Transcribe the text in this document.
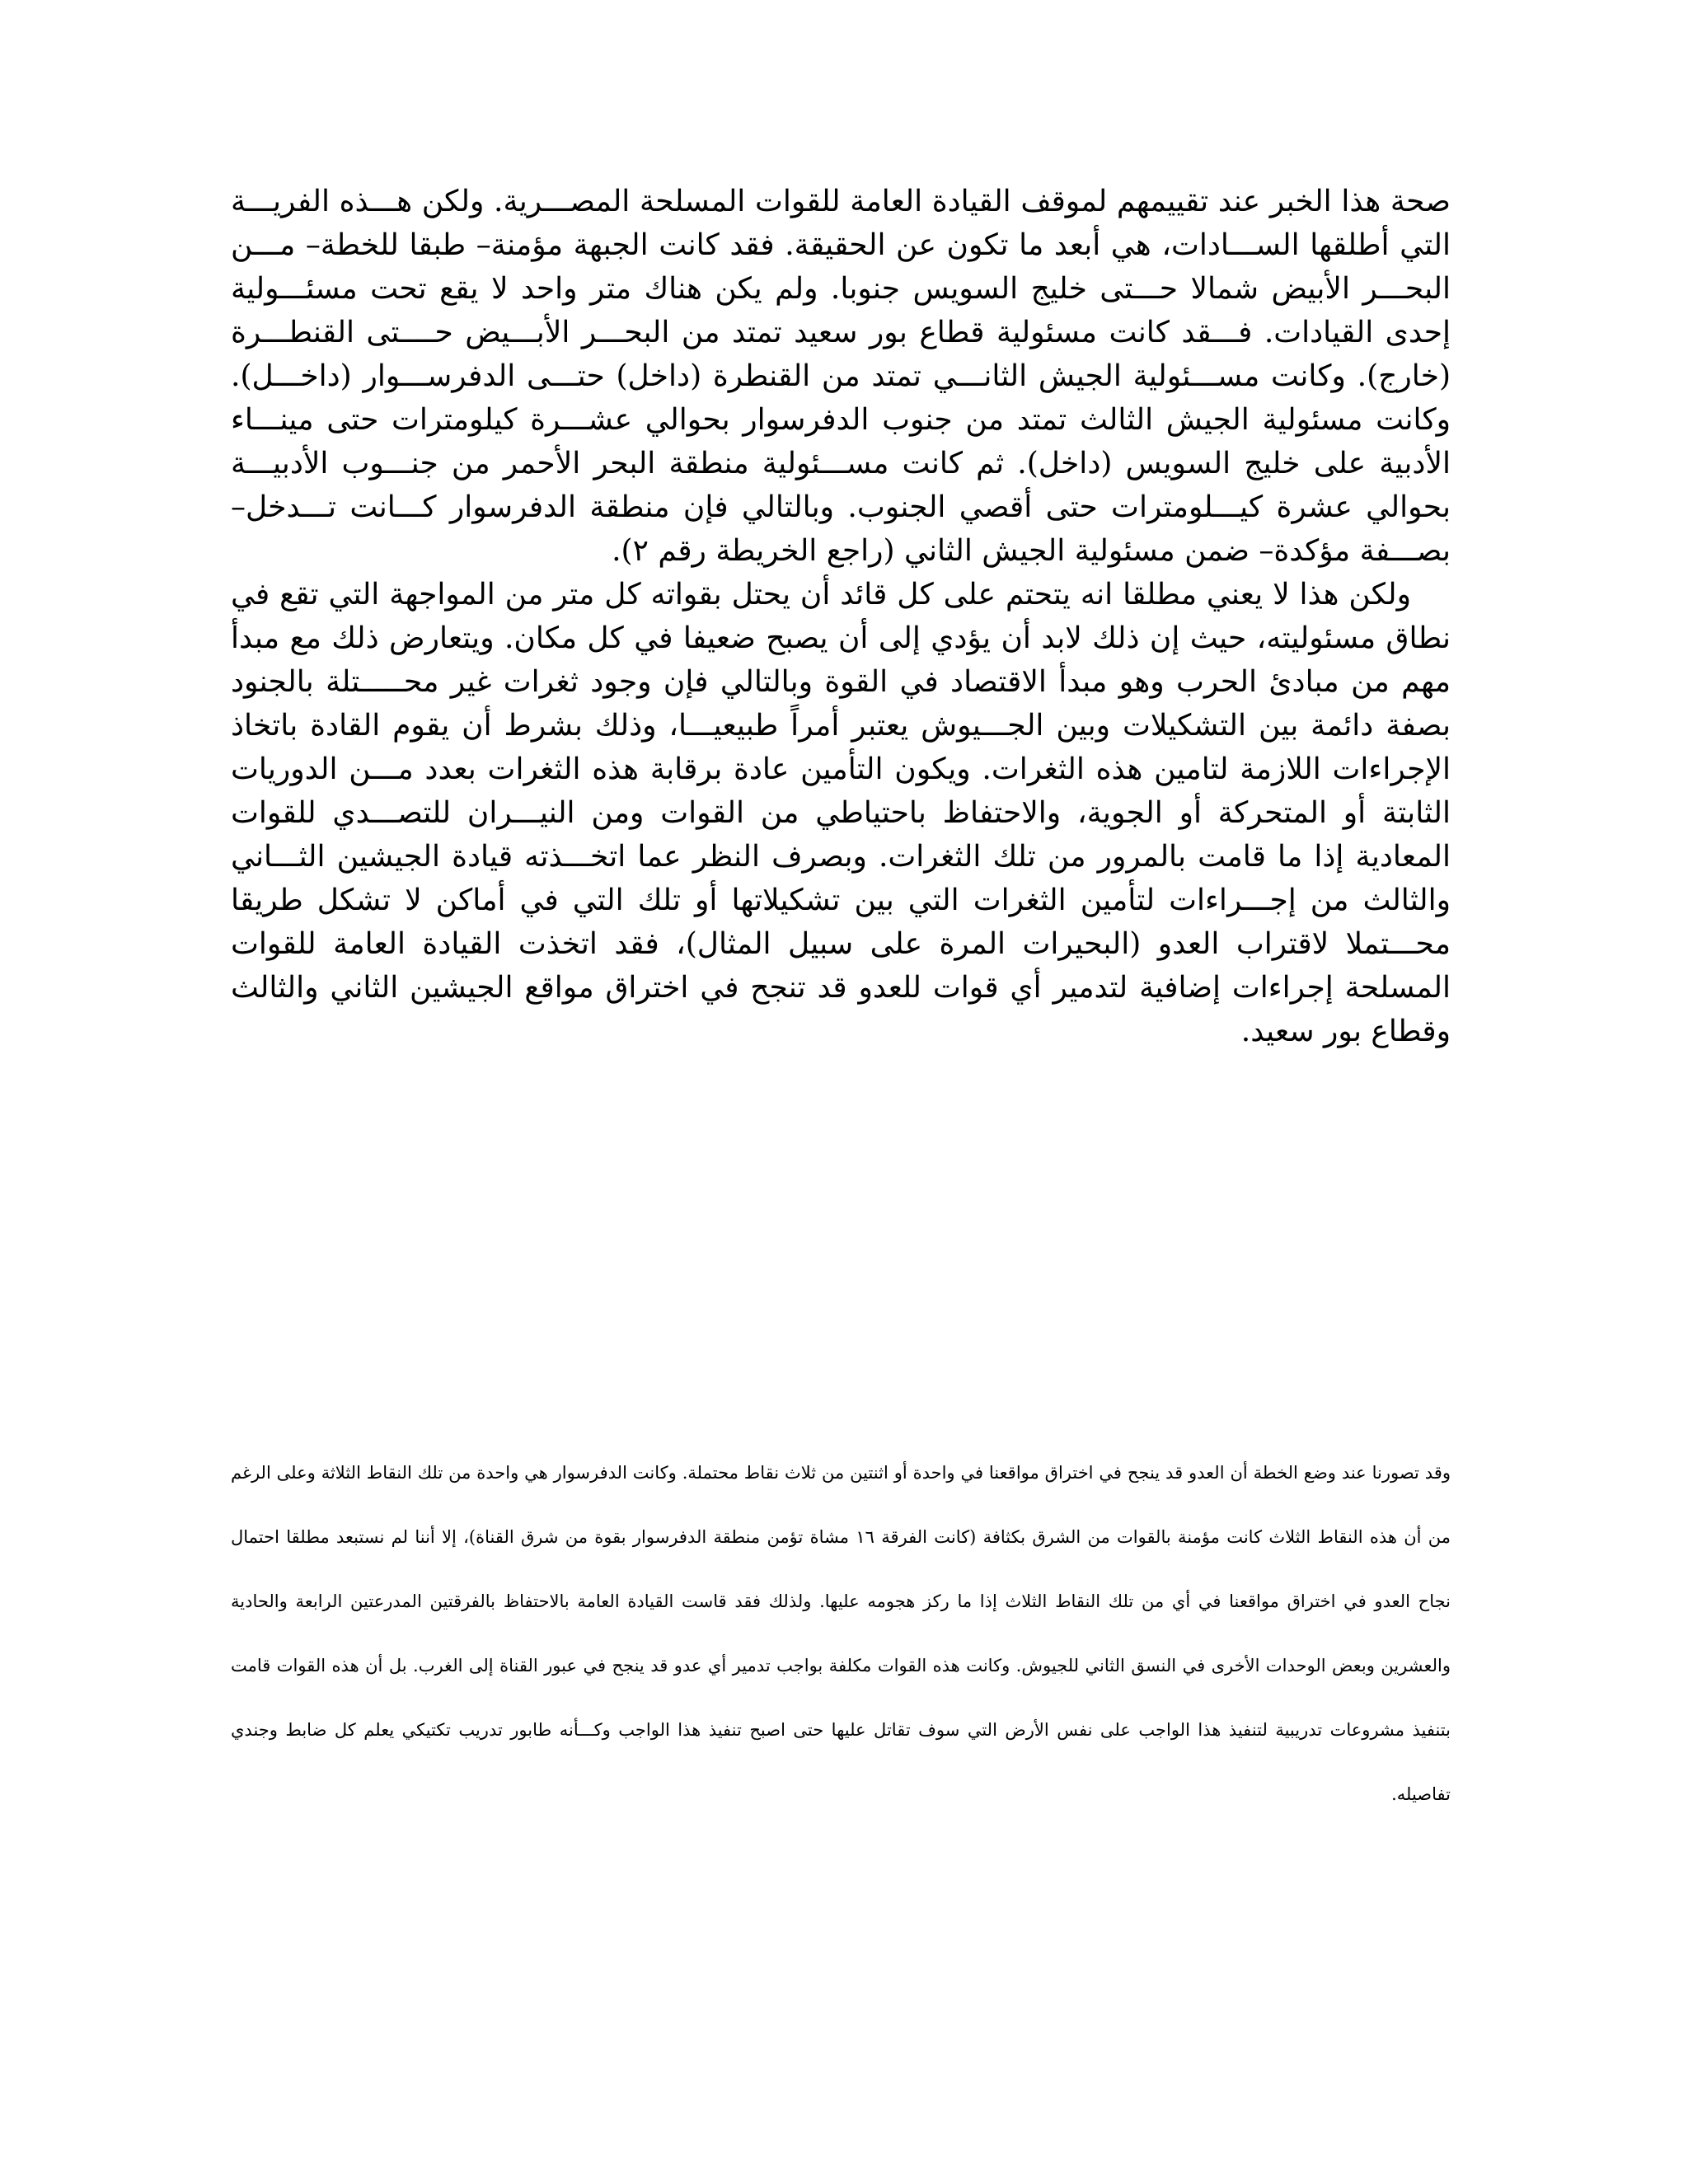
صحة هذا الخبر عند تقييمهم لموقف القيادة العامة للقوات المسلحة المصـــرية. ولكن هـــذه الفريـــة التي أطلقها الســـادات، هي أبعد ما تكون عن الحقيقة. فقد كانت الجبهة مؤمنة– طبقا للخطة– مـــن البحـــر الأبيض شمالا حـــتى خليج السويس جنوبا. ولم يكن هناك متر واحد لا يقع تحت مسئـــولية إحدى القيادات. فـــقد كانت مسئولية قطاع بور سعيد تمتد من البحـــر الأبـــيض حــــتى القنطـــرة (خارج). وكانت مســـئولية الجيش الثانـــي تمتد من القنطرة (داخل) حتـــى الدفرســـوار (داخـــل). وكانت مسئولية الجيش الثالث تمتد من جنوب الدفرسوار بحوالي عشـــرة كيلومترات حتى مينـــاء الأدبية على خليج السويس (داخل). ثم كانت مســـئولية منطقة البحر الأحمر من جنـــوب الأدبيـــة بحوالي عشرة كيـــلومترات حتى أقصي الجنوب. وبالتالي فإن منطقة الدفرسوار كـــانت تـــدخل– بصـــفة مؤكدة– ضمن مسئولية الجيش الثاني (راجع الخريطة رقم ٢).

ولكن هذا لا يعني مطلقا انه يتحتم على كل قائد أن يحتل بقواته كل متر من المواجهة التي تقع في نطاق مسئوليته، حيث إن ذلك لابد أن يؤدي إلى أن يصبح ضعيفا في كل مكان. ويتعارض ذلك مع مبدأ مهم من مبادئ الحرب وهو مبدأ الاقتصاد في القوة وبالتالي فإن وجود ثغرات غير محـــــتلة بالجنود بصفة دائمة بين التشكيلات وبين الجـــيوش يعتبر أمراً طبيعيـــا، وذلك بشرط أن يقوم القادة باتخاذ الإجراءات اللازمة لتامين هذه الثغرات. ويكون التأمين عادة برقابة هذه الثغرات بعدد مـــن الدوريات الثابتة أو المتحركة أو الجوية، والاحتفاظ باحتياطي من القوات ومن النيـــران للتصـــدي للقوات المعادية إذا ما قامت بالمرور من تلك الثغرات. وبصرف النظر عما اتخـــذته قيادة الجيشين الثـــاني والثالث من إجـــراءات لتأمين الثغرات التي بين تشكيلاتها أو تلك التي في أماكن لا تشكل طريقا محـــتملا لاقتراب العدو (البحيرات المرة على سبيل المثال)، فقد اتخذت القيادة العامة للقوات المسلحة إجراءات إضافية لتدمير أي قوات للعدو قد تنجح في اختراق مواقع الجيشين الثاني والثالث وقطاع بور سعيد.

وقد تصورنا عند وضع الخطة أن العدو قد ينجح في اختراق مواقعنا في واحدة أو اثنتين من ثلاث نقاط محتملة. وكانت الدفرسوار هي واحدة من تلك النقاط الثلاثة وعلى الرغم من أن هذه النقاط الثلاث كانت مؤمنة بالقوات من الشرق بكثافة (كانت الفرقة ١٦ مشاة تؤمن منطقة الدفرسوار بقوة من شرق القناة)، إلا أننا لم نستبعد مطلقا احتمال نجاح العدو في اختراق مواقعنا في أي من تلك النقاط الثلاث إذا ما ركز هجومه عليها. ولذلك فقد قاست القيادة العامة بالاحتفاظ بالفرقتين المدرعتين الرابعة والحادية والعشرين وبعض الوحدات الأخرى في النسق الثاني للجيوش. وكانت هذه القوات مكلفة بواجب تدمير أي عدو قد ينجح في عبور القناة إلى الغرب. بل أن هذه القوات قامت بتنفيذ مشروعات تدريبية لتنفيذ هذا الواجب على نفس الأرض التي سوف تقاتل عليها حتى اصبح تنفيذ هذا الواجب وكـــأنه طابور تدريب تكتيكي يعلم كل ضابط وجندي تفاصيله.
